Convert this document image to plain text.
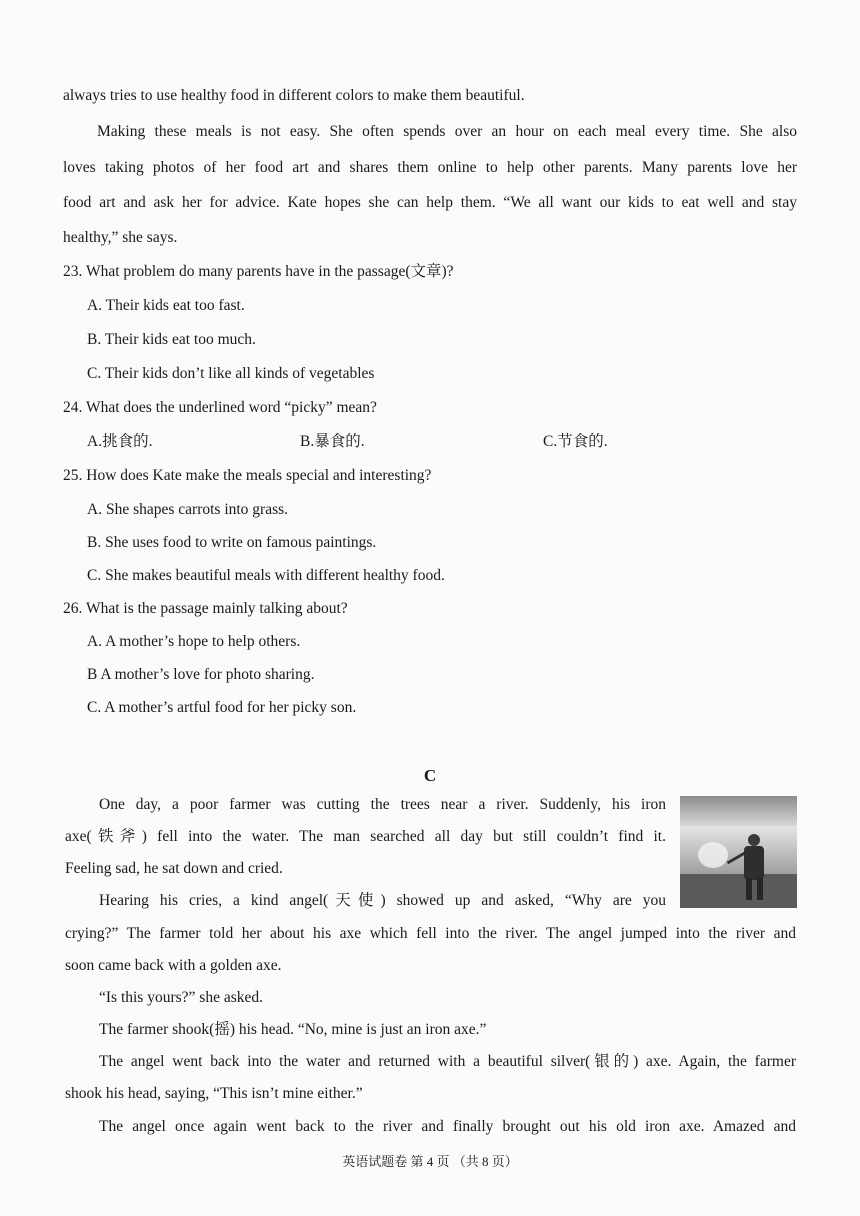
always tries to use healthy food in different colors to make them beautiful.
Making these meals is not easy. She often spends over an hour on each meal every time. She also
loves taking photos of her food art and shares them online to help other parents. Many parents love her
food art and ask her for advice. Kate hopes she can help them. “We all want our kids to eat well and stay
healthy,” she says.
23. What problem do many parents have in the passage(文章)?
A. Their kids eat too fast.
B. Their kids eat too much.
C. Their kids don’t like all kinds of vegetables
24. What does the underlined word “picky” mean?
A.挑食的.	B.暴食的.	C.节食的.
25. How does Kate make the meals special and interesting?
A. She shapes carrots into grass.
B. She uses food to write on famous paintings.
C. She makes beautiful meals with different healthy food.
26. What is the passage mainly talking about?
A. A mother’s hope to help others.
B A mother’s love for photo sharing.
C. A mother’s artful food for her picky son.
C
One day, a poor farmer was cutting the trees near a river. Suddenly, his iron
axe(铁斧) fell into the water. The man searched all day but still couldn’t find it.
Feeling sad, he sat down and cried.
Hearing his cries, a kind angel(天使) showed up and asked, “Why are you
crying?” The farmer told her about his axe which fell into the river. The angel jumped into the river and
soon came back with a golden axe.
“Is this yours?” she asked.
The farmer shook(摇) his head. “No, mine is just an iron axe.”
The angel went back into the water and returned with a beautiful silver(银的) axe. Again, the farmer
shook his head, saying, “This isn’t mine either.”
The angel once again went back to the river and finally brought out his old iron axe. Amazed and
英语试题卷 第 4 页 （共 8 页）
